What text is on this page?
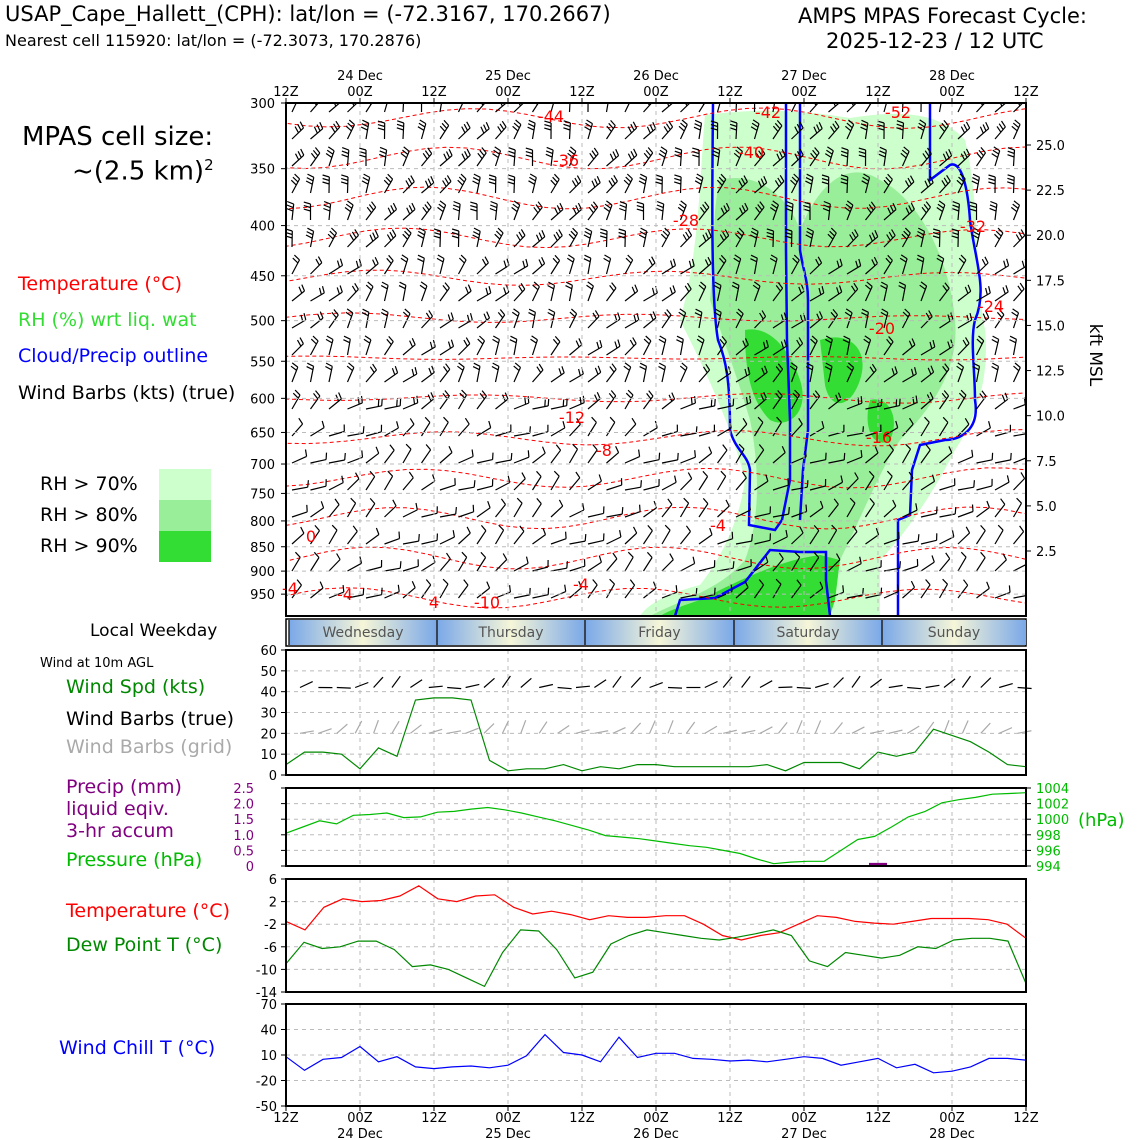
USAP_Cape_Hallett_(CPH): lat/lon = (-72.3167, 170.2667)
Nearest cell 115920: lat/lon = (-72.3073, 170.2876)
AMPS MPAS Forecast Cycle:
2025-12-23 / 12 UTC
MPAS cell size:
~(2.5 km)$^2$
Temperature (°C)
RH (%) wrt liq. wat
Cloud/Precip outline
Wind Barbs (kts) (true)
RH > 70%
RH > 80%
RH > 90%
Local Weekday
Wind at 10m AGL
Wind Spd (kts)
Wind Barbs (true)
Wind Barbs (grid)
Precip (mm)
liquid eqiv.
3-hr accum
Pressure (hPa)
Temperature (°C)
Dew Point T (°C)
Wind Chill T (°C)
-44	-42	-52
-36	-40
-32
-28
-24
-20
-16
-12
-8
-4
0
-4 -4	4 -10
-4
300
350
400
450
500
550
600
650
700
750
800
850
900
950
25.0
22.5
20.0
17.5
15.0
12.5
10.0
7.5
5.0
2.5
kft MSL
12Z	00Z	12Z	00Z	12Z	00Z	12Z	00Z	12Z	00Z	12Z
24 Dec	25 Dec	26 Dec	27 Dec	28 Dec
Wednesday	Thursday	Friday	Saturday	Sunday
0
10
20
30
40
50
60
0
0.5
1.0
1.5
2.0
2.5
994
996
998
1000
1002
1004
(hPa)
-14
-10
-6
-2
2
6
-50
-20
10
40
70
12Z	00Z	12Z	00Z	12Z	00Z	12Z	00Z	12Z	00Z	12Z
24 Dec	25 Dec	26 Dec	27 Dec	28 Dec
